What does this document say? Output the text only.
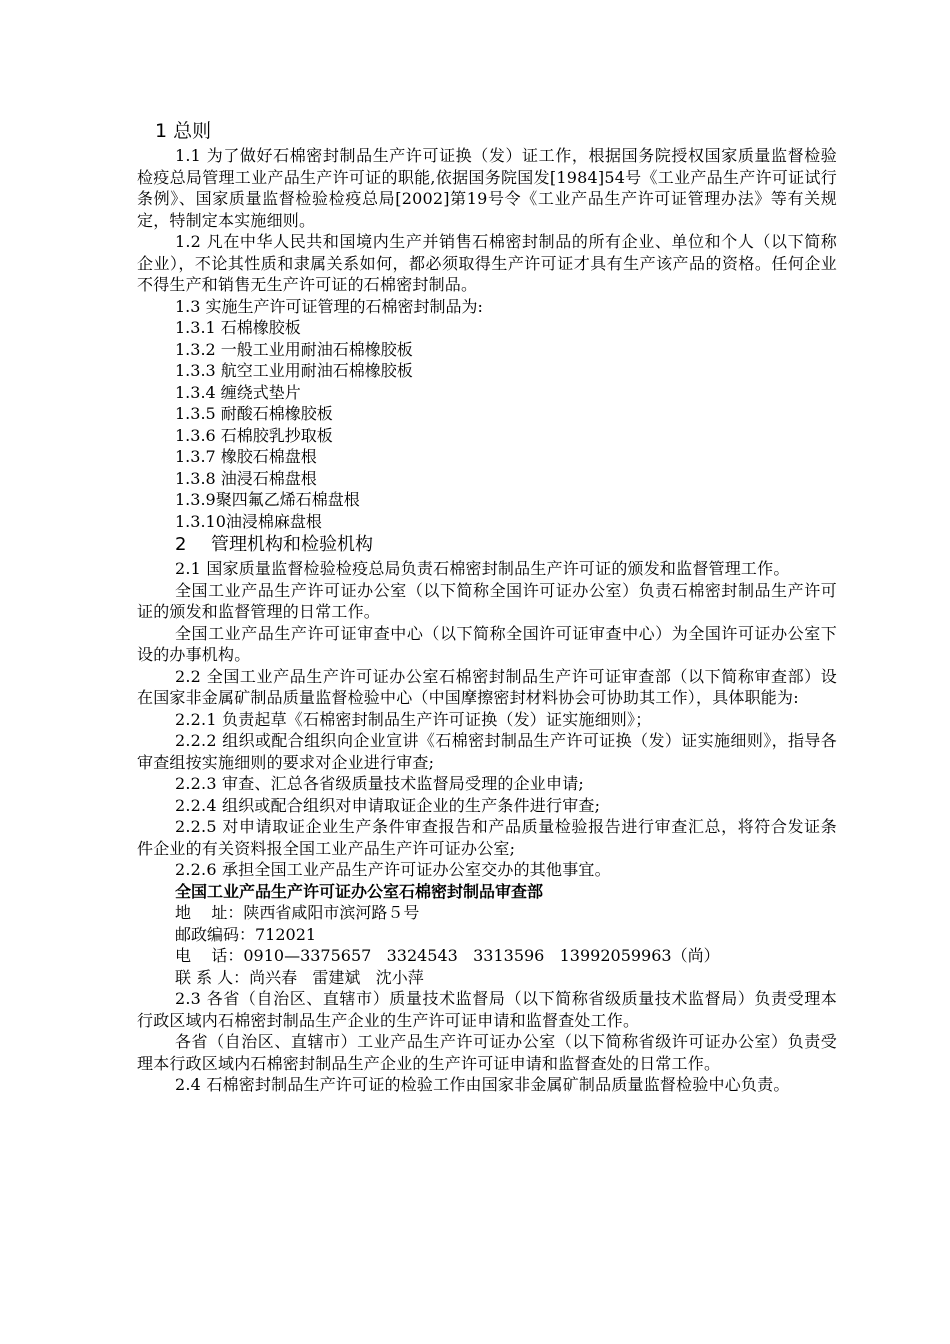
1 总则
1.1 为了做好石棉密封制品生产许可证换（发）证工作，根据国务院授权国家质量监督检验检疫总局管理工业产品生产许可证的职能,依据国务院国发[1984]54号《工业产品生产许可证试行条例》、国家质量监督检验检疫总局[2002]第19号令《工业产品生产许可证管理办法》等有关规定，特制定本实施细则。
1.2 凡在中华人民共和国境内生产并销售石棉密封制品的所有企业、单位和个人（以下简称企业），不论其性质和隶属关系如何，都必须取得生产许可证才具有生产该产品的资格。任何企业不得生产和销售无生产许可证的石棉密封制品。
1.3 实施生产许可证管理的石棉密封制品为:
1.3.1 石棉橡胶板
1.3.2 一般工业用耐油石棉橡胶板
1.3.3 航空工业用耐油石棉橡胶板
1.3.4 缠绕式垫片
1.3.5 耐酸石棉橡胶板
1.3.6 石棉胶乳抄取板
1.3.7 橡胶石棉盘根
1.3.8 油浸石棉盘根
1.3.9聚四氟乙烯石棉盘根
1.3.10油浸棉麻盘根
2 管理机构和检验机构
2.1 国家质量监督检验检疫总局负责石棉密封制品生产许可证的颁发和监督管理工作。
全国工业产品生产许可证办公室（以下简称全国许可证办公室）负责石棉密封制品生产许可证的颁发和监督管理的日常工作。
全国工业产品生产许可证审查中心（以下简称全国许可证审查中心）为全国许可证办公室下设的办事机构。
2.2 全国工业产品生产许可证办公室石棉密封制品生产许可证审查部（以下简称审查部）设在国家非金属矿制品质量监督检验中心（中国摩擦密封材料协会可协助其工作），具体职能为:
2.2.1 负责起草《石棉密封制品生产许可证换（发）证实施细则》；
2.2.2 组织或配合组织向企业宣讲《石棉密封制品生产许可证换（发）证实施细则》，指导各审查组按实施细则的要求对企业进行审查;
2.2.3 审查、汇总各省级质量技术监督局受理的企业申请;
2.2.4 组织或配合组织对申请取证企业的生产条件进行审查;
2.2.5 对申请取证企业生产条件审查报告和产品质量检验报告进行审查汇总，将符合发证条件企业的有关资料报全国工业产品生产许可证办公室;
2.2.6 承担全国工业产品生产许可证办公室交办的其他事宜。
全国工业产品生产许可证办公室石棉密封制品审查部
地    址：陕西省咸阳市滨河路５号
邮政编码：712021
电    话：0910—3375657   3324543   3313596   13992059963（尚）
联 系 人：尚兴春   雷建斌   沈小萍
2.3 各省（自治区、直辖市）质量技术监督局（以下简称省级质量技术监督局）负责受理本行政区域内石棉密封制品生产企业的生产许可证申请和监督查处工作。
各省（自治区、直辖市）工业产品生产许可证办公室（以下简称省级许可证办公室）负责受理本行政区域内石棉密封制品生产企业的生产许可证申请和监督查处的日常工作。
2.4 石棉密封制品生产许可证的检验工作由国家非金属矿制品质量监督检验中心负责。
